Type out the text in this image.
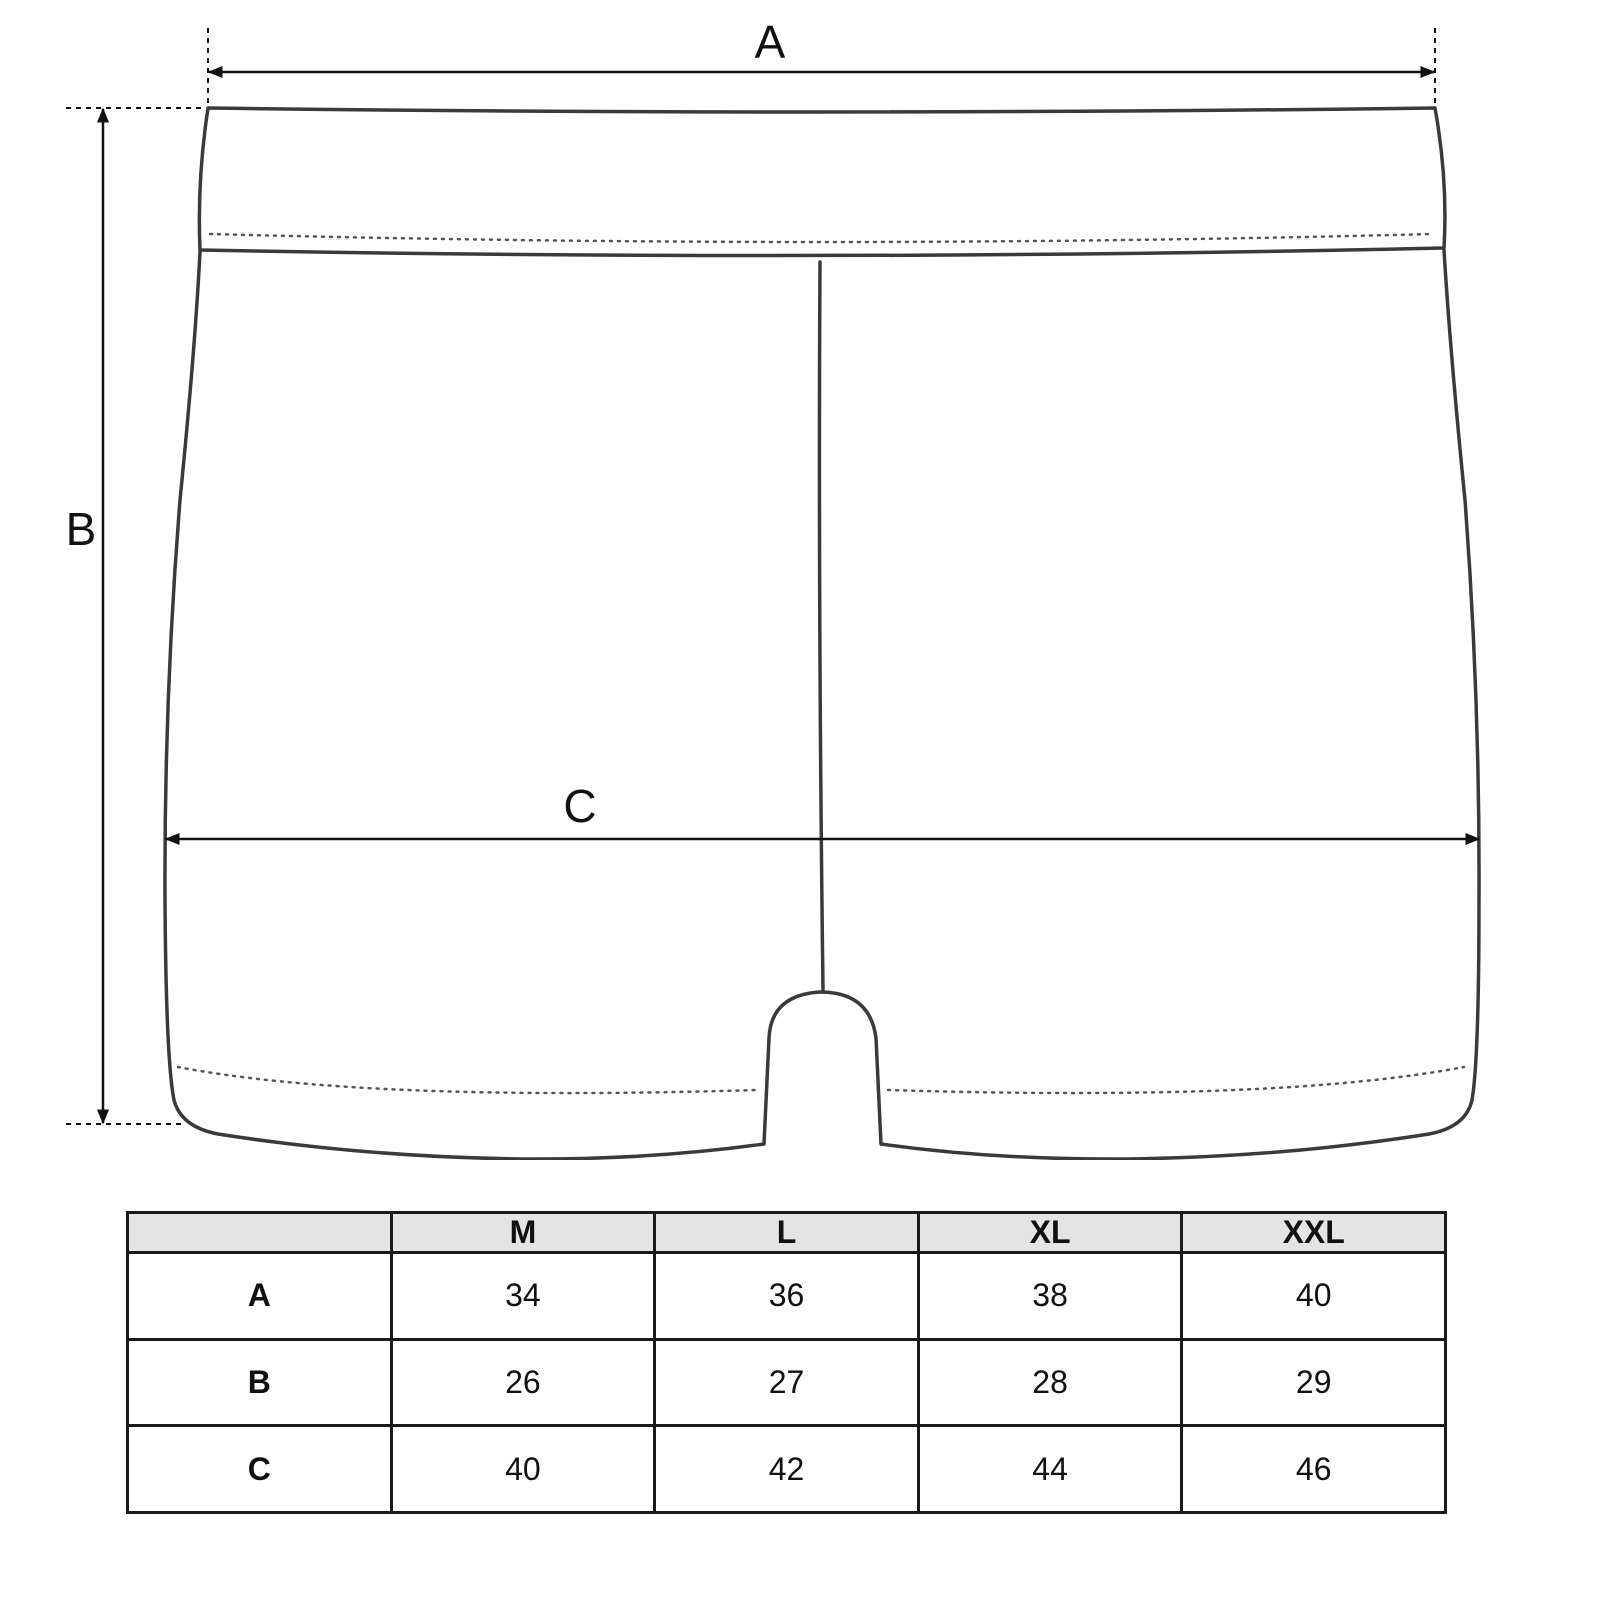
A
B
C
	M	L	XL	XXL
A	34	36	38	40
B	26	27	28	29
C	40	42	44	46
